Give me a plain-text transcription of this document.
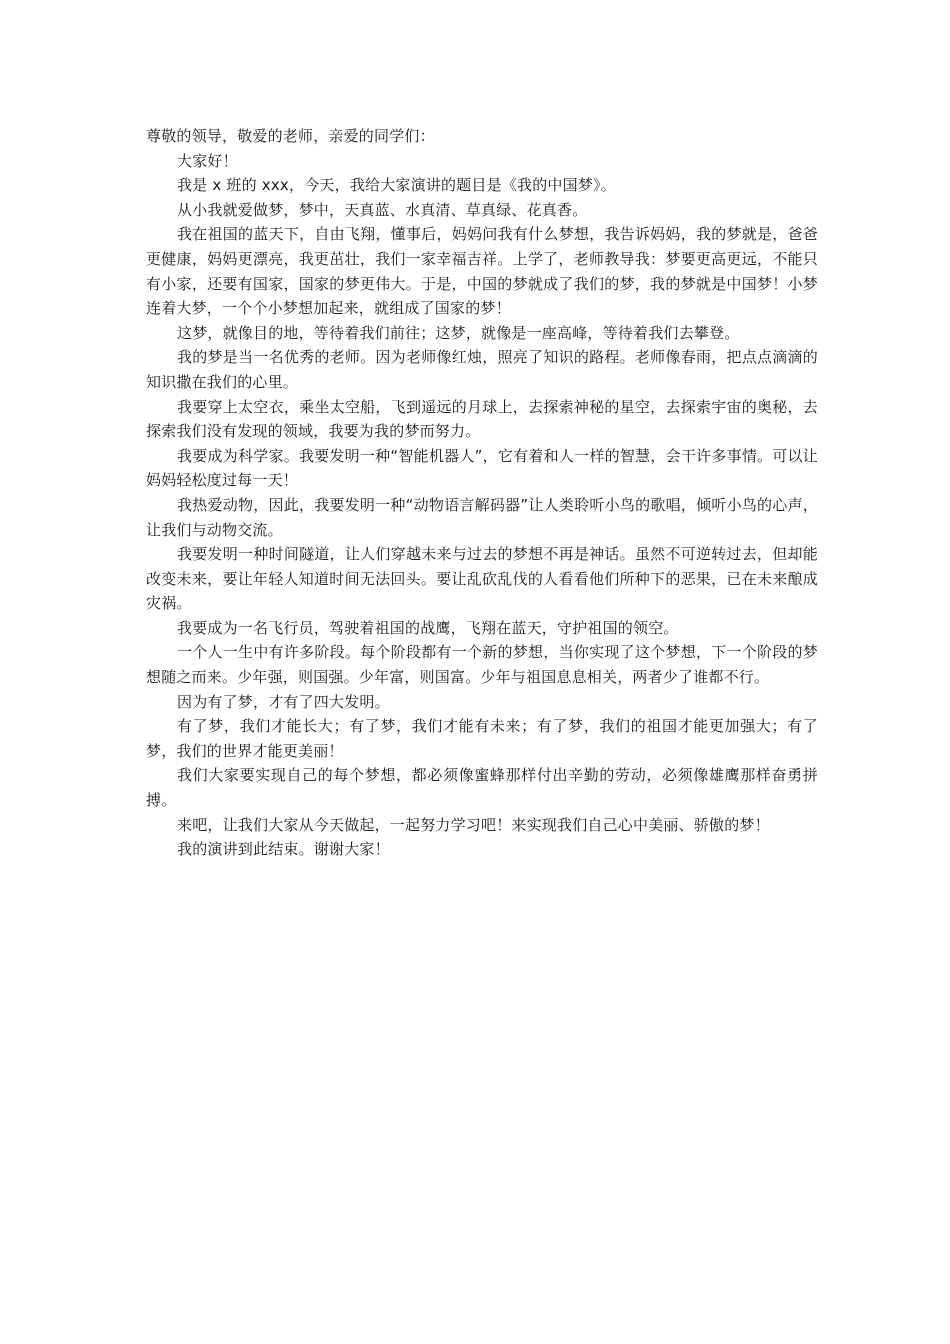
尊敬的领导，敬爱的老师，亲爱的同学们：

大家好！

我是 x 班的 xxx，今天，我给大家演讲的题目是《我的中国梦》。

从小我就爱做梦，梦中，天真蓝、水真清、草真绿、花真香。

我在祖国的蓝天下，自由飞翔，懂事后，妈妈问我有什么梦想，我告诉妈妈，我的梦就是，爸爸更健康，妈妈更漂亮，我更茁壮，我们一家幸福吉祥。上学了，老师教导我：梦要更高更远，不能只有小家，还要有国家，国家的梦更伟大。于是，中国的梦就成了我们的梦，我的梦就是中国梦！小梦连着大梦，一个个小梦想加起来，就组成了国家的梦！

这梦，就像目的地，等待着我们前往；这梦，就像是一座高峰，等待着我们去攀登。

我的梦是当一名优秀的老师。因为老师像红烛，照亮了知识的路程。老师像春雨，把点点滴滴的知识撒在我们的心里。

我要穿上太空衣，乘坐太空船，飞到遥远的月球上，去探索神秘的星空，去探索宇宙的奥秘，去探索我们没有发现的领域，我要为我的梦而努力。

我要成为科学家。我要发明一种“智能机器人”，它有着和人一样的智慧，会干许多事情。可以让妈妈轻松度过每一天！

我热爱动物，因此，我要发明一种“动物语言解码器”让人类聆听小鸟的歌唱，倾听小鸟的心声，让我们与动物交流。

我要发明一种时间隧道，让人们穿越未来与过去的梦想不再是神话。虽然不可逆转过去，但却能改变未来，要让年轻人知道时间无法回头。要让乱砍乱伐的人看看他们所种下的恶果，已在未来酿成灾祸。

我要成为一名飞行员，驾驶着祖国的战鹰，飞翔在蓝天，守护祖国的领空。

一个人一生中有许多阶段。每个阶段都有一个新的梦想，当你实现了这个梦想，下一个阶段的梦想随之而来。少年强，则国强。少年富，则国富。少年与祖国息息相关，两者少了谁都不行。

因为有了梦，才有了四大发明。

有了梦，我们才能长大；有了梦，我们才能有未来；有了梦，我们的祖国才能更加强大；有了梦，我们的世界才能更美丽！

我们大家要实现自己的每个梦想，都必须像蜜蜂那样付出辛勤的劳动，必须像雄鹰那样奋勇拼搏。

来吧，让我们大家从今天做起，一起努力学习吧！来实现我们自己心中美丽、骄傲的梦！

我的演讲到此结束。谢谢大家！
